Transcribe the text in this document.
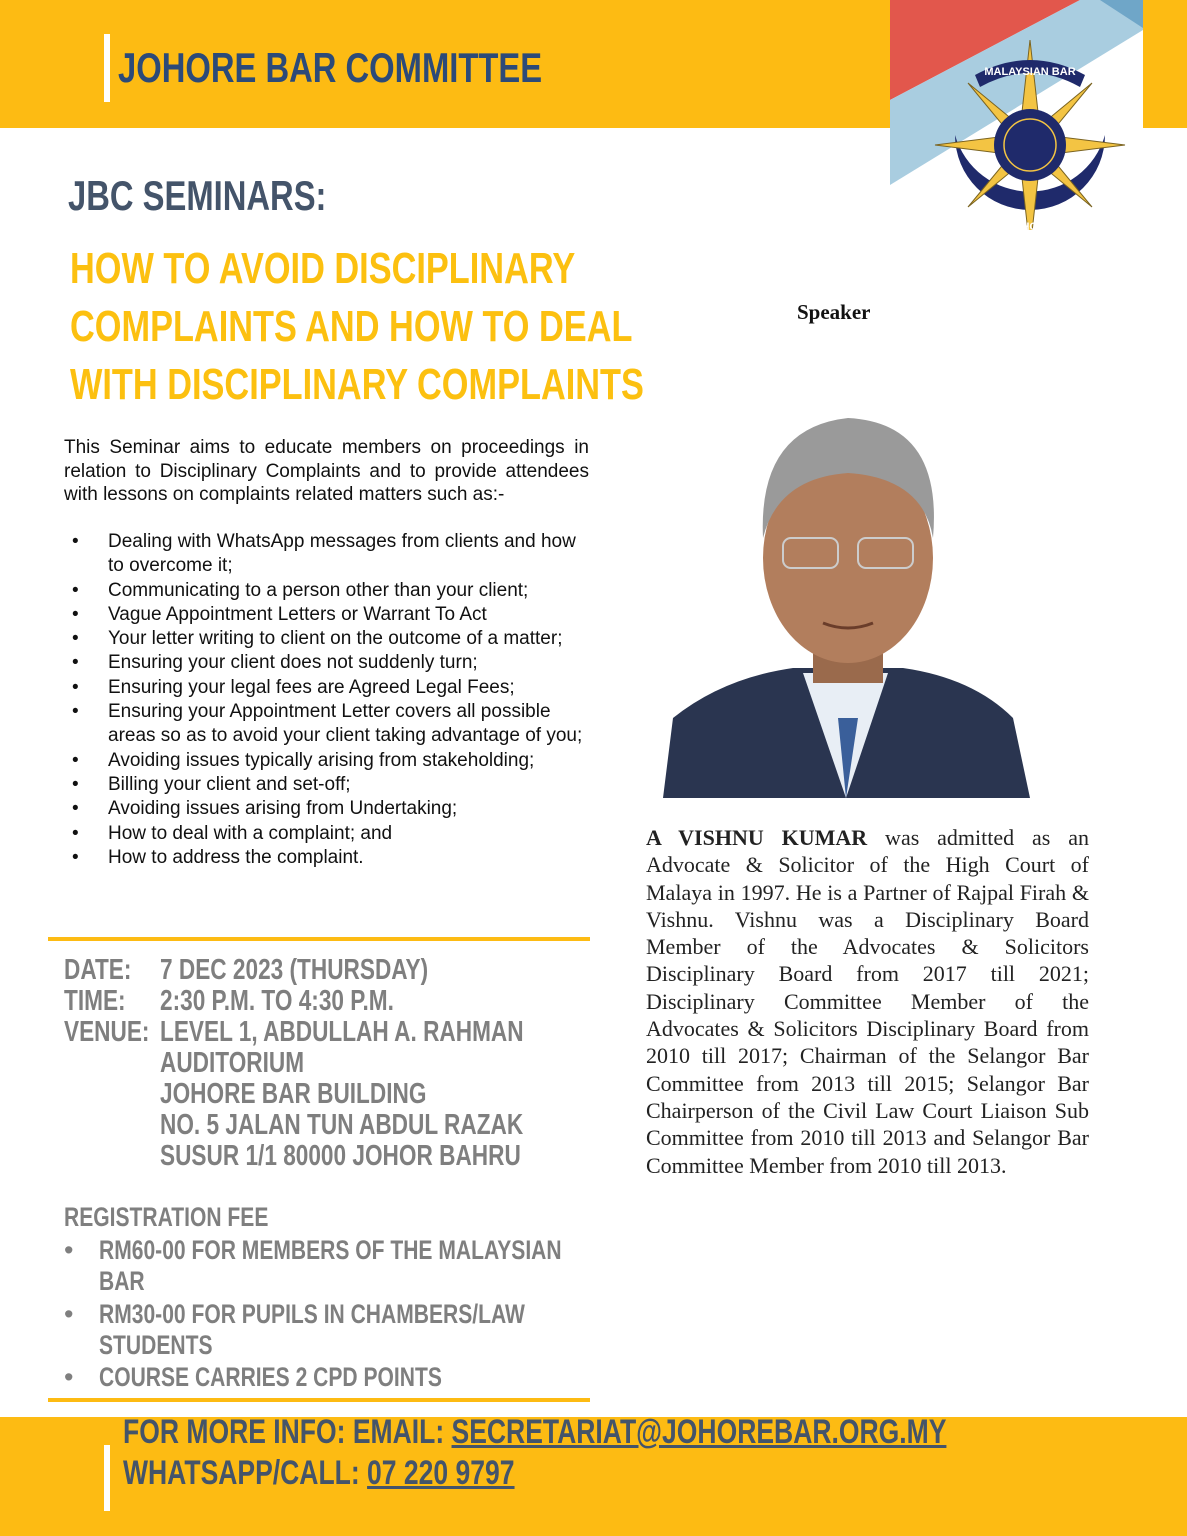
JOHORE BAR COMMITTEE	MALAYSIAN BAR
JOHORE
JBC SEMINARS:
HOW TO AVOID DISCIPLINARY
COMPLAINTS AND HOW TO DEAL
WITH DISCIPLINARY COMPLAINTS

This Seminar aims to educate members on proceedings in relation to Disciplinary Complaints and to provide attendees with lessons on complaints related matters such as:-

• Dealing with WhatsApp messages from clients and how to overcome it;
• Communicating to a person other than your client;
• Vague Appointment Letters or Warrant To Act
• Your letter writing to client on the outcome of a matter;
• Ensuring your client does not suddenly turn;
• Ensuring your legal fees are Agreed Legal Fees;
• Ensuring your Appointment Letter covers all possible areas so as to avoid your client taking advantage of you;
• Avoiding issues typically arising from stakeholding;
• Billing your client and set-off;
• Avoiding issues arising from Undertaking;
• How to deal with a complaint; and
• How to address the complaint.
DATE: 7 DEC 2023 (THURSDAY)
TIME: 2:30 P.M. TO 4:30 P.M.
VENUE: LEVEL 1, ABDULLAH A. RAHMAN
AUDITORIUM
JOHORE BAR BUILDING
NO. 5 JALAN TUN ABDUL RAZAK
SUSUR 1/1 80000 JOHOR BAHRU
REGISTRATION FEE
• RM60-00 FOR MEMBERS OF THE MALAYSIAN BAR
• RM30-00 FOR PUPILS IN CHAMBERS/LAW STUDENTS
• COURSE CARRIES 2 CPD POINTS
Speaker

A VISHNU KUMAR was admitted as an Advocate & Solicitor of the High Court of Malaya in 1997. He is a Partner of Rajpal Firah & Vishnu. Vishnu was a Disciplinary Board Member of the Advocates & Solicitors Disciplinary Board from 2017 till 2021; Disciplinary Committee Member of the Advocates & Solicitors Disciplinary Board from 2010 till 2017; Chairman of the Selangor Bar Committee from 2013 till 2015; Selangor Bar Chairperson of the Civil Law Court Liaison Sub Committee from 2010 till 2013 and Selangor Bar Committee Member from 2010 till 2013.

FOR MORE INFO: EMAIL: SECRETARIAT@JOHOREBAR.ORG.MY
WHATSAPP/CALL: 07 220 9797
